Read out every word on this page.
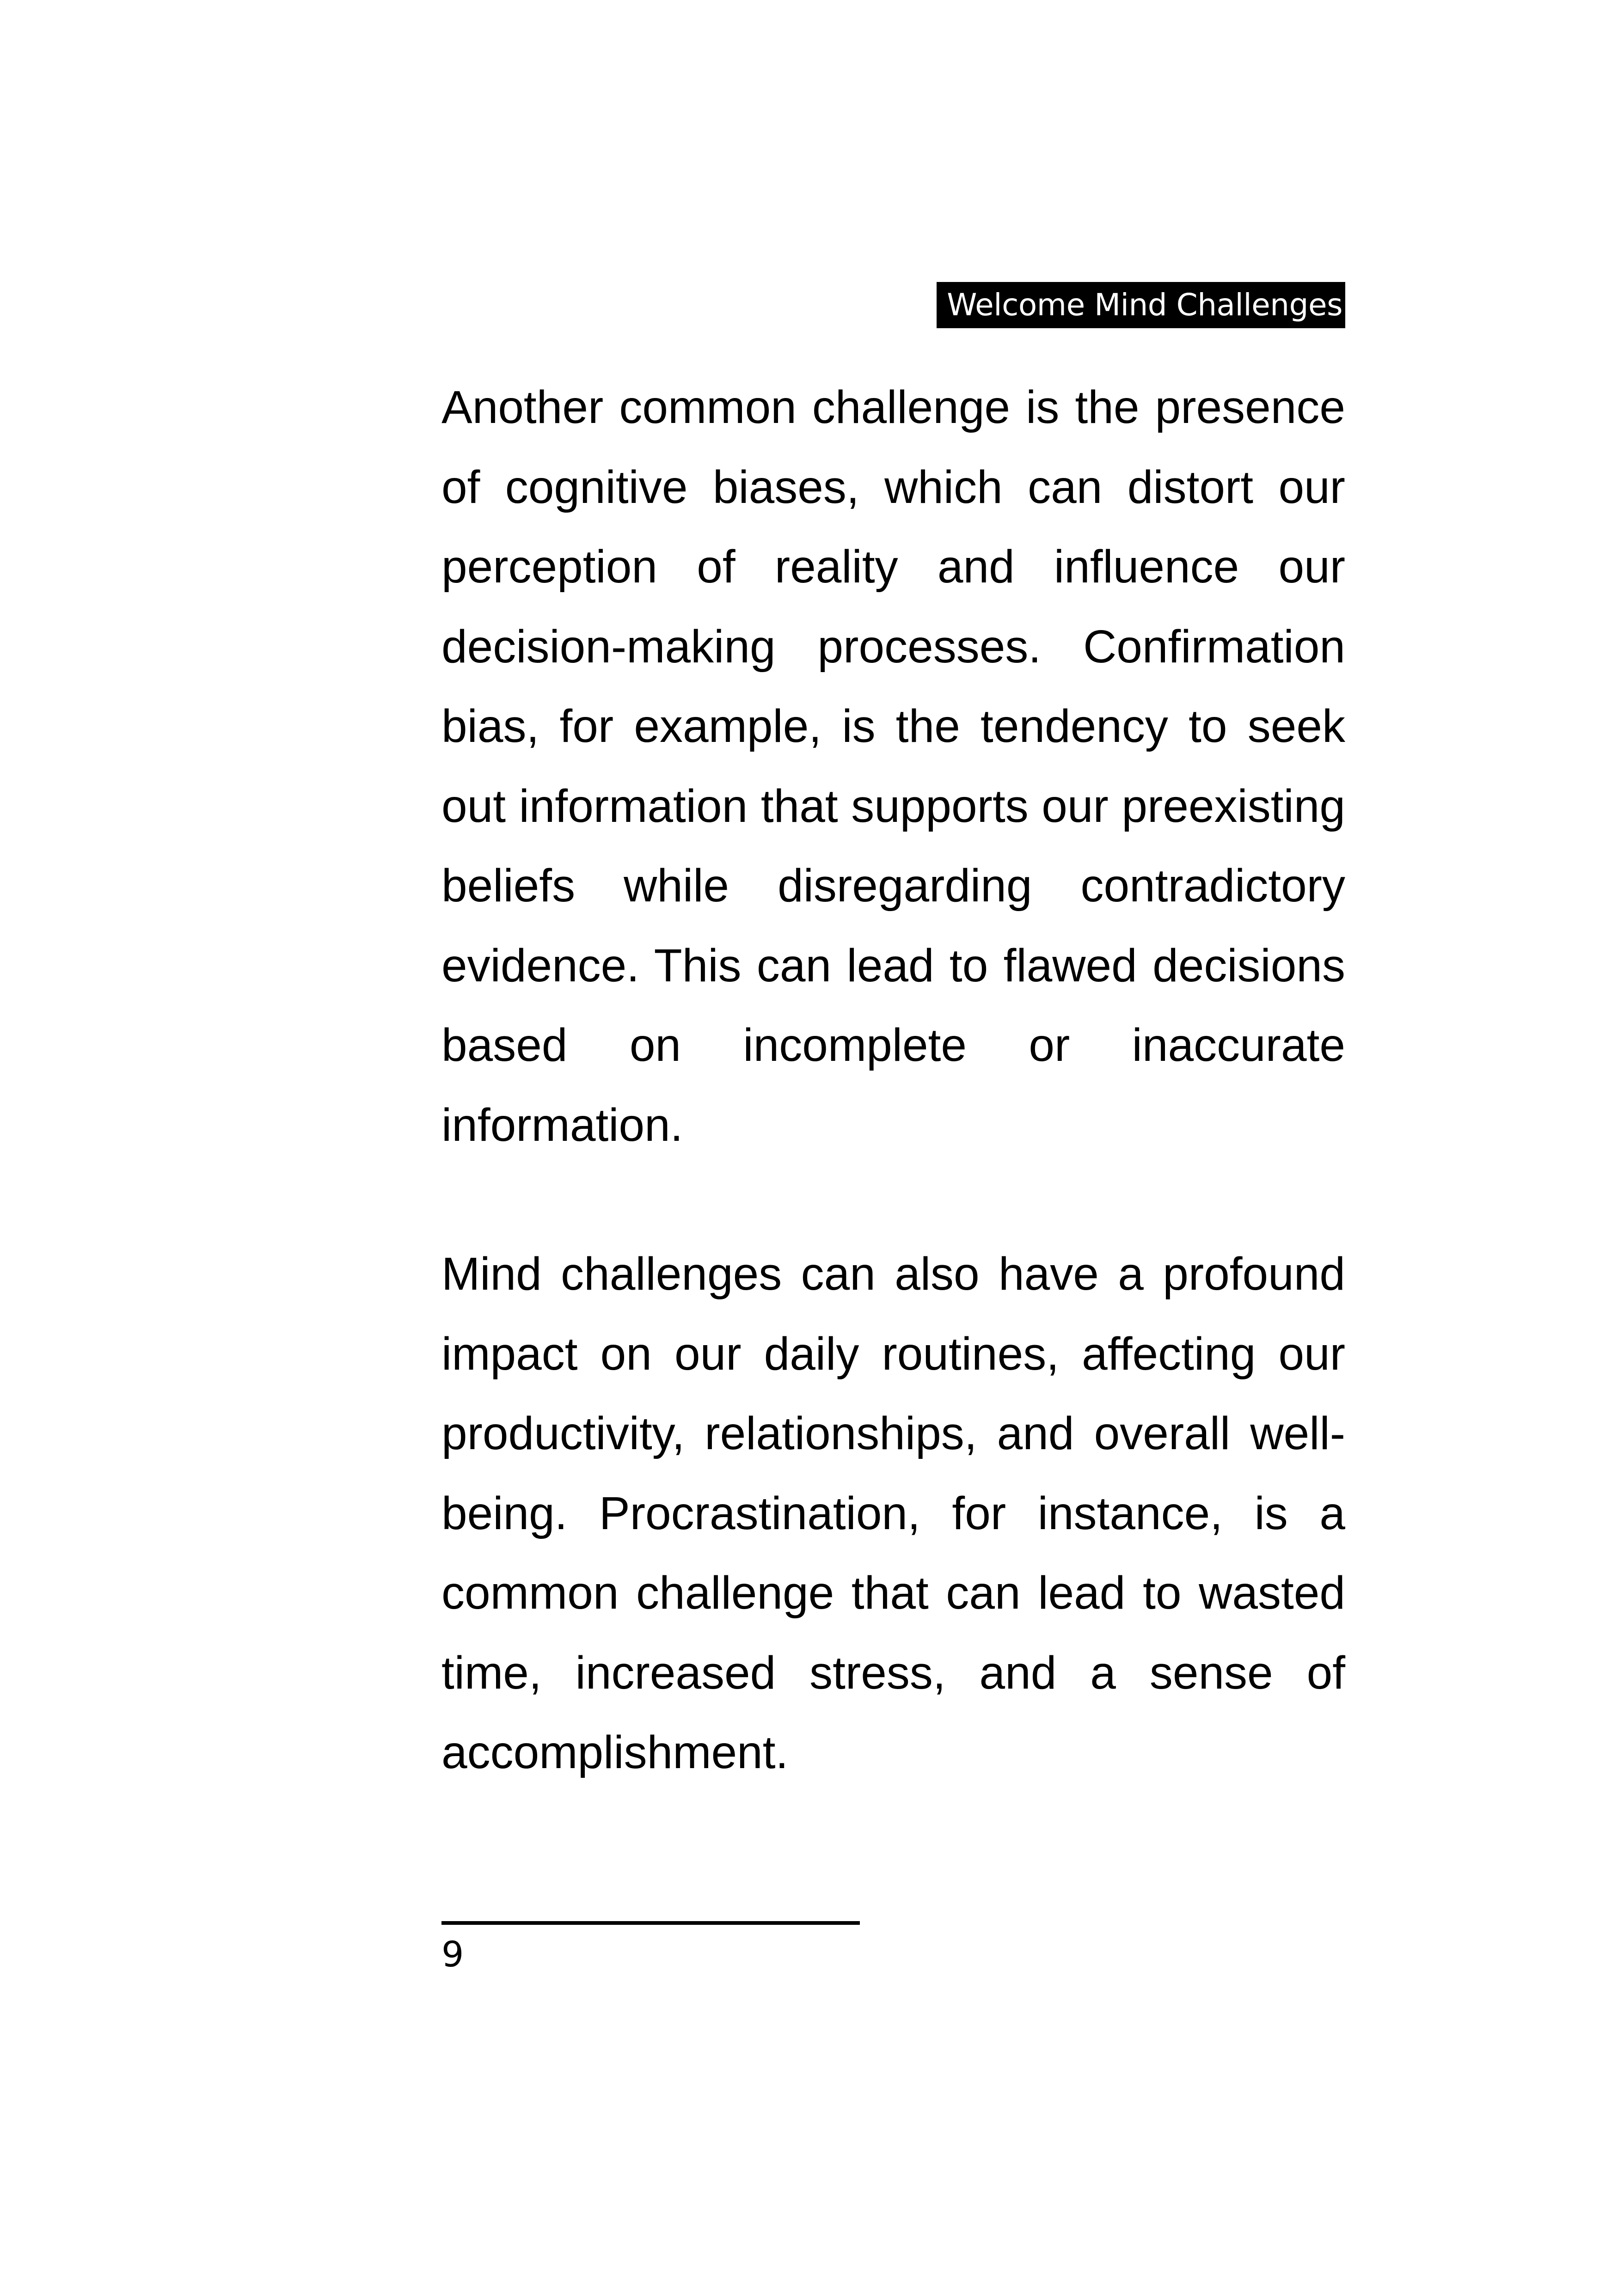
Welcome Mind Challenges

Another common challenge is the presence of cognitive biases, which can distort our perception of reality and influence our decision-making processes. Confirmation bias, for example, is the tendency to seek out information that supports our preexisting beliefs while disregarding contradictory evidence. This can lead to flawed decisions based on incomplete or inaccurate information.

Mind challenges can also have a profound impact on our daily routines, affecting our productivity, relationships, and overall well-being. Procrastination, for instance, is a common challenge that can lead to wasted time, increased stress, and a sense of accomplishment.

9
